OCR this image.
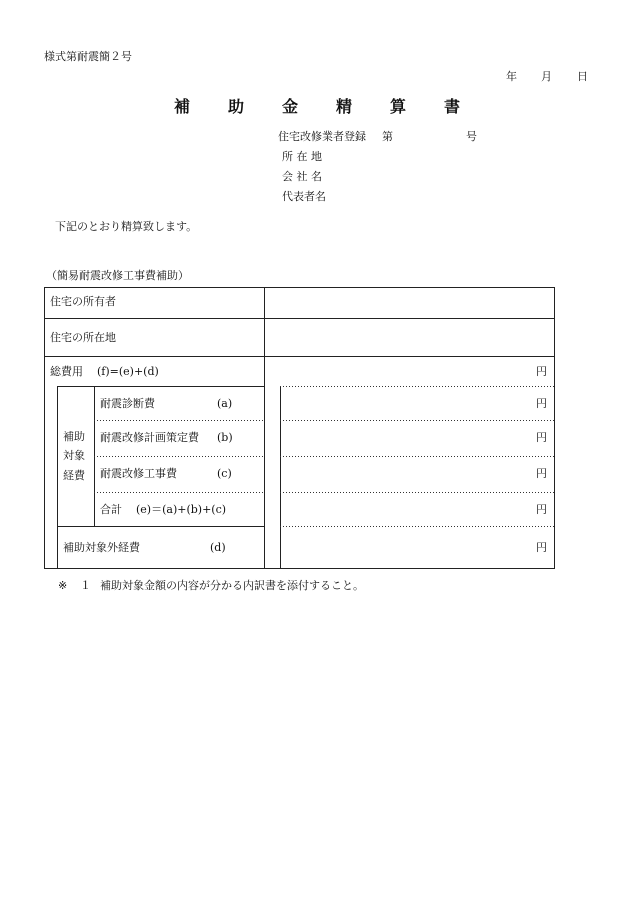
様式第耐震簡２号
年 月 日
補助金精算書
住宅改修業者登録 第	号
所 在 地
会 社 名
代表者名
下記のとおり精算致します。
（簡易耐震改修工事費補助）
住宅の所有者
住宅の所在地
総費用 (f)=(e)+(d)	円
補助
対象
経費
耐震診断費	(a)	円
耐震改修計画策定費 (b)	円
耐震改修工事費	(c)	円
合計 (e)＝(a)+(b)+(c)	円
補助対象外経費	(d)	円
※ １ 補助対象金額の内容が分かる内訳書を添付すること。
